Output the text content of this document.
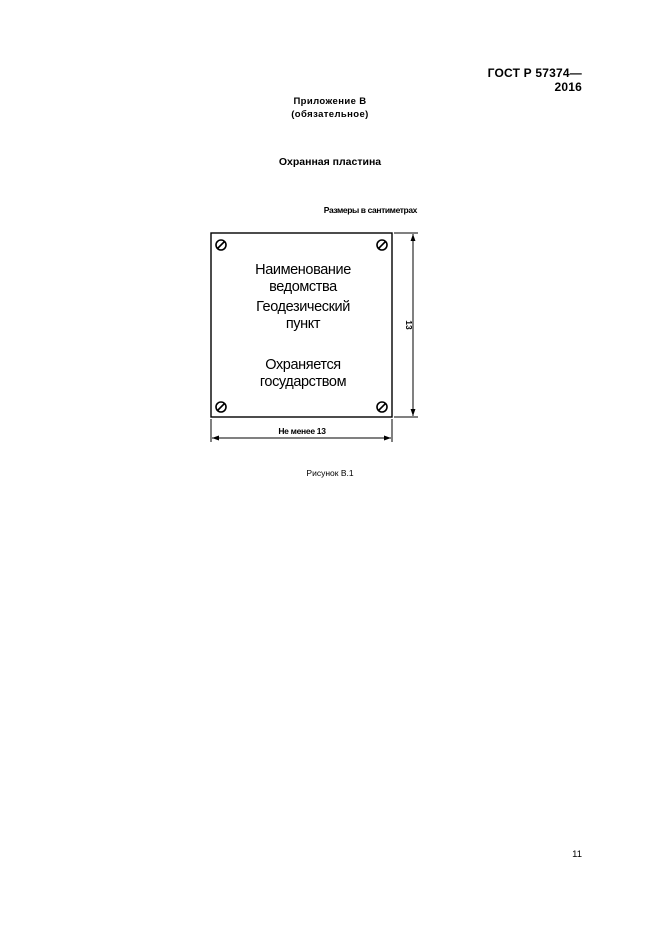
ГОСТ Р 57374—2016
Приложение В
(обязательное)
Охранная пластина
Размеры в сантиметрах
Наименование
ведомства
Геодезический
пункт
Охраняется
государством
Не менее 13
13
Рисунок В.1
11
